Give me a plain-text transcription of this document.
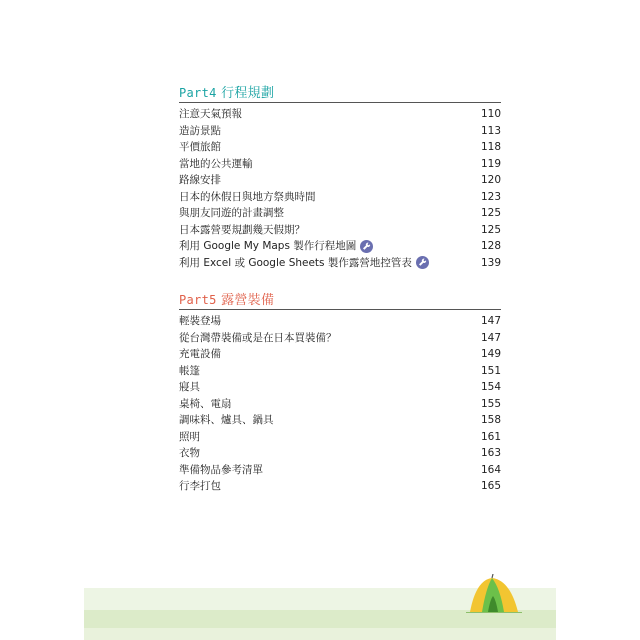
Part4 行程規劃
注意天氣預報	110
造訪景點	113
平價旅館	118
當地的公共運輸	119
路線安排	120
日本的休假日與地方祭典時間	123
與朋友同遊的計畫調整	125
日本露營要規劃幾天假期？	125
利用 Google My Maps 製作行程地圖	128
利用 Excel 或 Google Sheets 製作露營地控管表	139
Part5 露營裝備
輕裝登場	147
從台灣帶裝備或是在日本買裝備？	147
充電設備	149
帳篷	151
寢具	154
桌椅、電扇	155
調味料、爐具、鍋具	158
照明	161
衣物	163
準備物品參考清單	164
行李打包	165
